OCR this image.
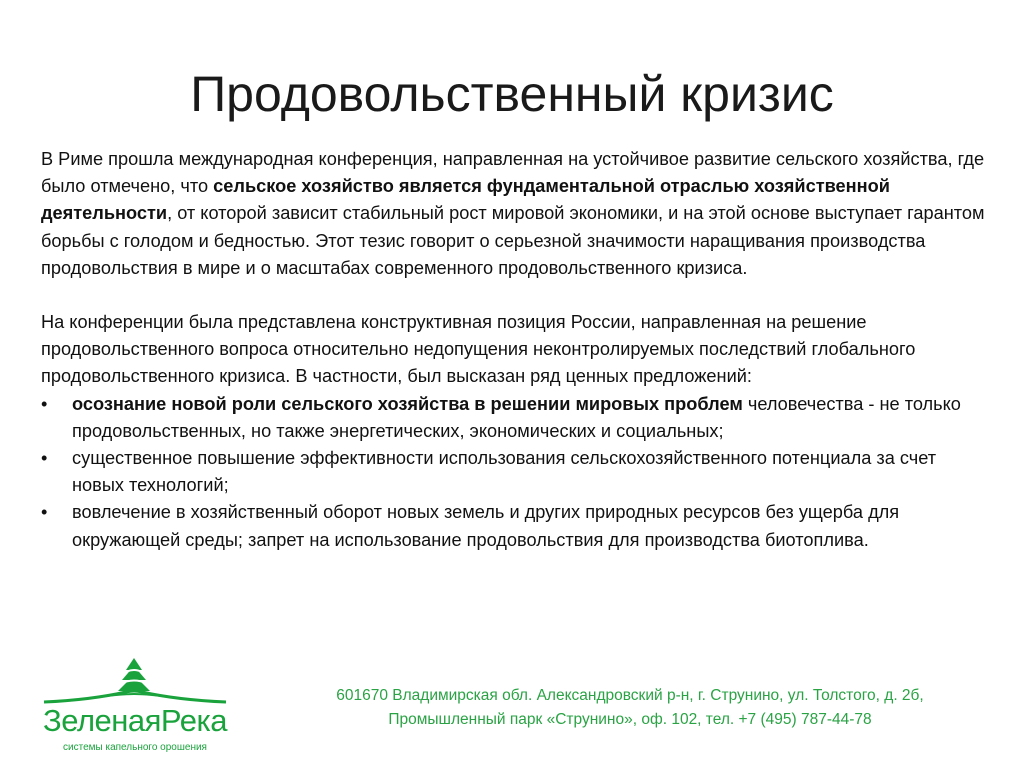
Продовольственный кризис

В Риме прошла международная конференция, направленная на устойчивое развитие сельского хозяйства, где было отмечено, что сельское хозяйство является фундаментальной отраслью хозяйственной деятельности, от которой зависит стабильный рост мировой экономики, и на этой основе выступает гарантом борьбы с голодом и бедностью. Этот тезис говорит о серьезной значимости наращивания производства продовольствия в мире и о масштабах современного продовольственного кризиса.

На конференции была представлена конструктивная позиция России, направленная на решение продовольственного вопроса относительно недопущения неконтролируемых последствий глобального продовольственного кризиса. В частности, был высказан ряд ценных предложений:

• осознание новой роли сельского хозяйства в решении мировых проблем человечества - не только продовольственных, но также энергетических, экономических и социальных;
• существенное повышение эффективности использования сельскохозяйственного потенциала за счет новых технологий;
• вовлечение в хозяйственный оборот новых земель и других природных ресурсов без ущерба для окружающей среды; запрет на использование продовольствия для производства биотоплива.
ЗеленаяРека
системы капельного орошения
601670 Владимирская обл. Александровский р-н, г. Струнино, ул. Толстого, д. 2б,
Промышленный парк «Струнино», оф. 102, тел. +7 (495) 787-44-78
